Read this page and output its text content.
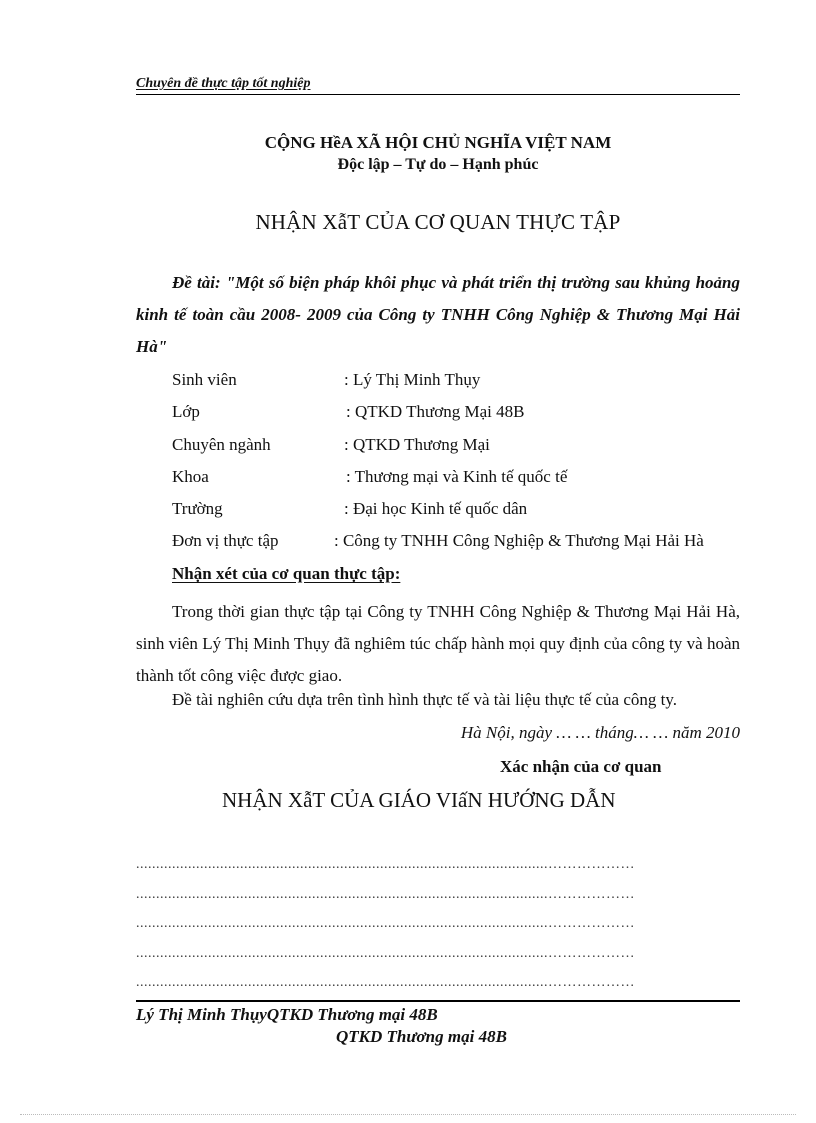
Chuyên đề thực tập tốt nghiệp
CỘNG HềA XÃ HỘI CHỦ NGHĨA VIỆT NAM
Độc lập – Tự do – Hạnh phúc
NHẬN XẫT CỦA CƠ QUAN THỰC TẬP
Đề tài: "Một số biện pháp khôi phục và phát triển thị trường sau khủng hoảng kinh tế toàn cầu 2008- 2009 của Công ty TNHH Công Nghiệp & Thương Mại Hải Hà"
Sinh viên	: Lý Thị Minh Thụy
Lớp	: QTKD Thương Mại 48B
Chuyên ngành	: QTKD Thương Mại
Khoa	: Thương mại và Kinh tế quốc tế
Trường	: Đại học Kinh tế quốc dân
Đơn vị thực tập	: Công ty TNHH Công Nghiệp & Thương Mại Hải Hà
Nhận xét của cơ quan thực tập:
Trong thời gian thực tập tại Công ty TNHH Công Nghiệp & Thương Mại Hải Hà, sinh viên Lý Thị Minh Thụy đã nghiêm túc chấp hành mọi quy định của công ty và hoàn thành tốt công việc được giao.
Đề tài nghiên cứu dựa trên tình hình thực tế và tài liệu thực tế của công ty.
Hà Nội, ngày … … tháng… … năm 2010
Xác nhận của cơ quan
NHẬN XẫT CỦA GIÁO VIấN HƯỚNG DẪN
.......................................................................................................………………
.......................................................................................................………………
.......................................................................................................………………
.......................................................................................................………………
.......................................................................................................………………
Lý Thị Minh ThụyQTKD Thương mại 48B
QTKD Thương mại 48B
